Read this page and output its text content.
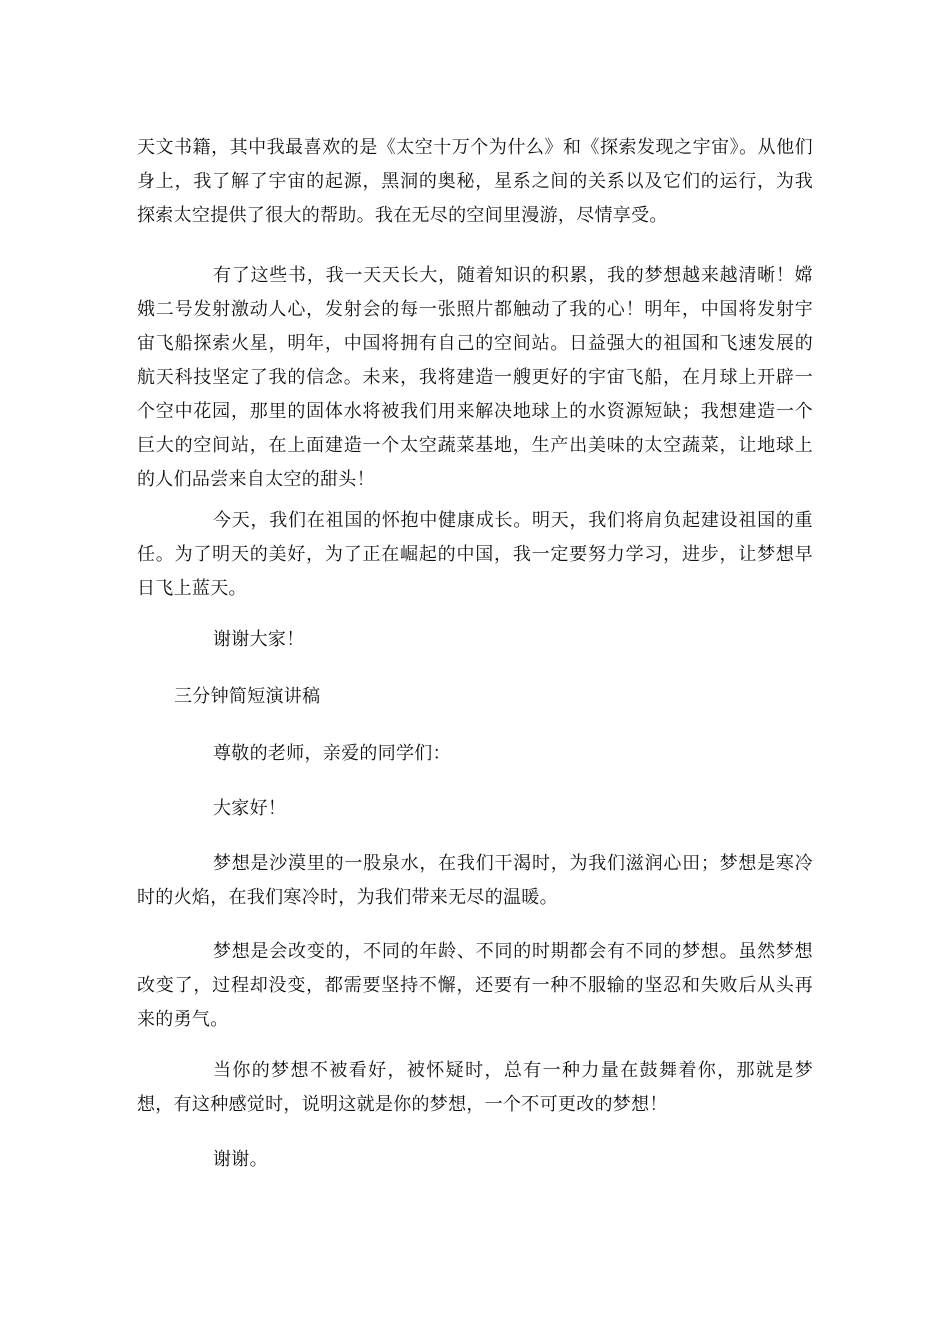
天文书籍，其中我最喜欢的是《太空十万个为什么》和《探索发现之宇宙》。从他们身上，我了解了宇宙的起源，黑洞的奥秘，星系之间的关系以及它们的运行，为我探索太空提供了很大的帮助。我在无尽的空间里漫游，尽情享受。

有了这些书，我一天天长大，随着知识的积累，我的梦想越来越清晰！嫦娥二号发射激动人心，发射会的每一张照片都触动了我的心！明年，中国将发射宇宙飞船探索火星，明年，中国将拥有自己的空间站。日益强大的祖国和飞速发展的航天科技坚定了我的信念。未来，我将建造一艘更好的宇宙飞船，在月球上开辟一个空中花园，那里的固体水将被我们用来解决地球上的水资源短缺；我想建造一个巨大的空间站，在上面建造一个太空蔬菜基地，生产出美味的太空蔬菜，让地球上的人们品尝来自太空的甜头！

今天，我们在祖国的怀抱中健康成长。明天，我们将肩负起建设祖国的重任。为了明天的美好，为了正在崛起的中国，我一定要努力学习，进步，让梦想早日飞上蓝天。

谢谢大家！

三分钟简短演讲稿

尊敬的老师，亲爱的同学们：

大家好！

梦想是沙漠里的一股泉水，在我们干渴时，为我们滋润心田；梦想是寒冷时的火焰，在我们寒冷时，为我们带来无尽的温暖。

梦想是会改变的，不同的年龄、不同的时期都会有不同的梦想。虽然梦想改变了，过程却没变，都需要坚持不懈，还要有一种不服输的坚忍和失败后从头再来的勇气。

当你的梦想不被看好，被怀疑时，总有一种力量在鼓舞着你，那就是梦想，有这种感觉时，说明这就是你的梦想，一个不可更改的梦想！

谢谢。
